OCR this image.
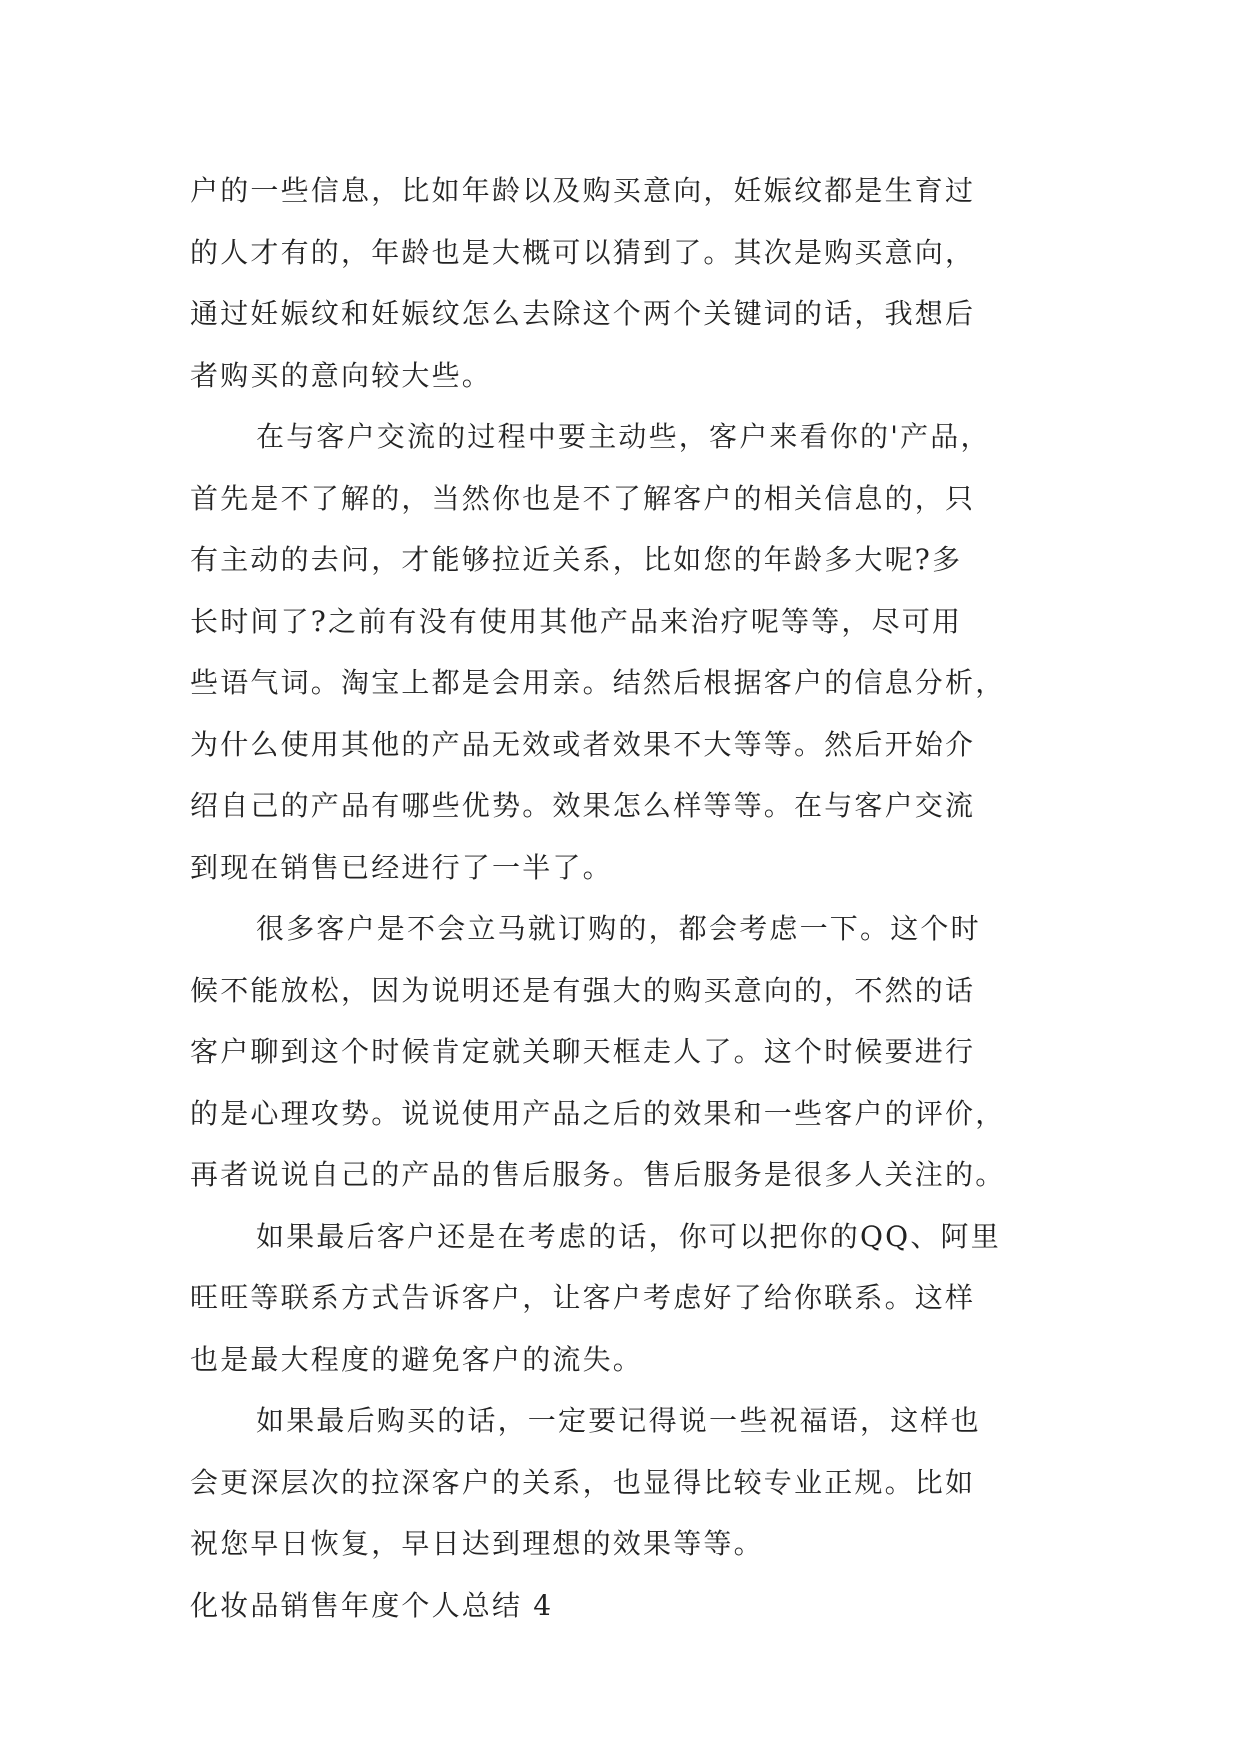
户的一些信息，比如年龄以及购买意向，妊娠纹都是生育过
的人才有的，年龄也是大概可以猜到了。其次是购买意向，
通过妊娠纹和妊娠纹怎么去除这个两个关键词的话，我想后
者购买的意向较大些。
在与客户交流的过程中要主动些，客户来看你的'产品，
首先是不了解的，当然你也是不了解客户的相关信息的，只
有主动的去问，才能够拉近关系，比如您的年龄多大呢?多
长时间了?之前有没有使用其他产品来治疗呢等等，尽可用
些语气词。淘宝上都是会用亲。结然后根据客户的信息分析，
为什么使用其他的产品无效或者效果不大等等。然后开始介
绍自己的产品有哪些优势。效果怎么样等等。在与客户交流
到现在销售已经进行了一半了。
很多客户是不会立马就订购的，都会考虑一下。这个时
候不能放松，因为说明还是有强大的购买意向的，不然的话
客户聊到这个时候肯定就关聊天框走人了。这个时候要进行
的是心理攻势。说说使用产品之后的效果和一些客户的评价，
再者说说自己的产品的售后服务。售后服务是很多人关注的。
如果最后客户还是在考虑的话，你可以把你的QQ、阿里
旺旺等联系方式告诉客户，让客户考虑好了给你联系。这样
也是最大程度的避免客户的流失。
如果最后购买的话，一定要记得说一些祝福语，这样也
会更深层次的拉深客户的关系，也显得比较专业正规。比如
祝您早日恢复，早日达到理想的效果等等。
化妆品销售年度个人总结 4
